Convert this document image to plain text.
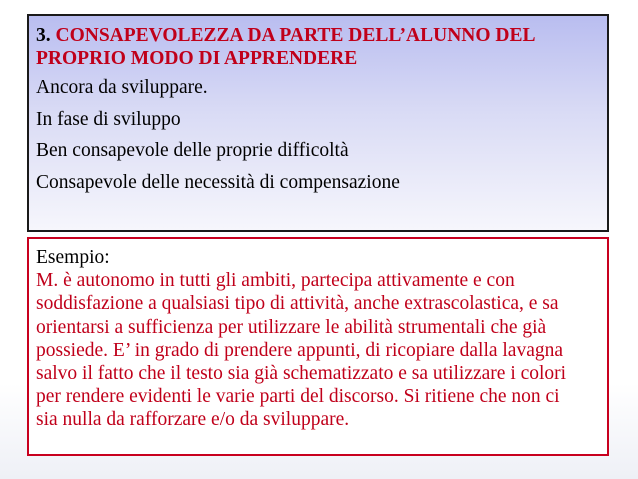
3. CONSAPEVOLEZZA DA PARTE DELL’ALUNNO DEL
PROPRIO MODO DI APPRENDERE
Ancora da sviluppare.
In fase di sviluppo
Ben consapevole delle proprie difficoltà
Consapevole delle necessità di compensazione
Esempio:

M. è autonomo in tutti gli ambiti, partecipa attivamente e con
soddisfazione a qualsiasi tipo di attività, anche extrascolastica, e sa
orientarsi a sufficienza per utilizzare le abilità strumentali che già
possiede. E’ in grado di prendere appunti, di ricopiare dalla lavagna
salvo il fatto che il testo sia già schematizzato e sa utilizzare i colori
per rendere evidenti le varie parti del discorso. Si ritiene che non ci
sia nulla da rafforzare e/o da sviluppare.
